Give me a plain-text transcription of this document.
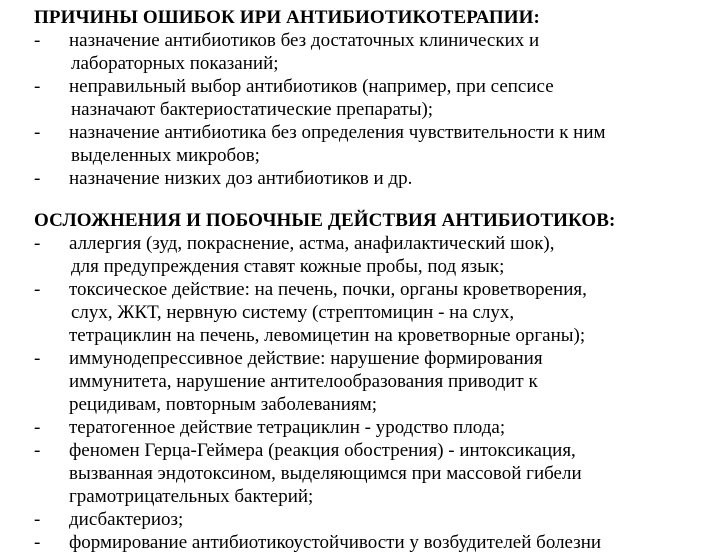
ПРИЧИНЫ ОШИБОК ИРИ АНТИБИОТИКОТЕРАПИИ:
- назначение антибиотиков без достаточных клинических и
лабораторных показаний;
- неправильный выбор антибиотиков (например, при сепсисе
назначают бактериостатические препараты);
- назначение антибиотика без определения чувствительности к ним
выделенных микробов;
- назначение низких доз антибиотиков и др.
ОСЛОЖНЕНИЯ И ПОБОЧНЫЕ ДЕЙСТВИЯ АНТИБИОТИКОВ:
- аллергия (зуд, покраснение, астма, анафилактический шок),
для предупреждения ставят кожные пробы, под язык;
- токсическое действие: на печень, почки, органы кроветворения,
слух, ЖКТ, нервную систему (стрептомицин - на слух,
тетрациклин на печень, левомицетин на кроветворные органы);
- иммунодепрессивное действие: нарушение формирования
иммунитета, нарушение антителообразования приводит к
рецидивам, повторным заболеваниям;
- тератогенное действие тетрациклин - уродство плода;
- феномен Герца-Геймера (реакция обострения) - интоксикация,
вызванная эндотоксином, выделяющимся при массовой гибели
грамотрицательных бактерий;
- дисбактериоз;
- формирование антибиотикоустойчивости у возбудителей болезни
